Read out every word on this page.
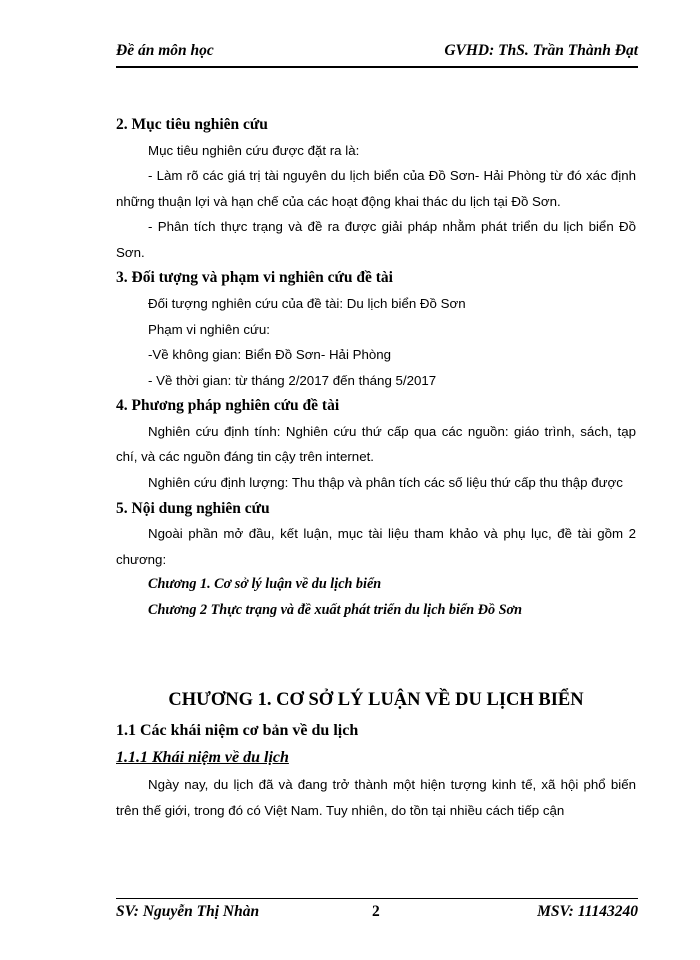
Đề án môn học	GVHD: ThS. Trần Thành Đạt

2. Mục tiêu nghiên cứu

Mục tiêu nghiên cứu được đặt ra là:

- Làm rõ các giá trị tài nguyên du lịch biển của Đồ Sơn- Hải Phòng từ đó xác định những thuận lợi và hạn chế của các hoạt động khai thác du lịch tại Đồ Sơn.

- Phân tích thực trạng và đề ra được giải pháp nhằm phát triển du lịch biển Đồ Sơn.

3. Đối tượng và phạm vi nghiên cứu đề tài

Đối tượng nghiên cứu của đề tài: Du lịch biển Đồ Sơn

Phạm vi nghiên cứu:

-Về không gian: Biển Đồ Sơn- Hải Phòng

- Về thời gian: từ tháng 2/2017 đến tháng 5/2017

4. Phương pháp nghiên cứu đề tài

Nghiên cứu định tính: Nghiên cứu thứ cấp qua các nguồn: giáo trình, sách, tạp chí, và các nguồn đáng tin cậy trên internet.

Nghiên cứu định lượng: Thu thập và phân tích các số liệu thứ cấp thu thập được

5. Nội dung nghiên cứu

Ngoài phần mở đầu, kết luận, mục tài liệu tham khảo và phụ lục, đề tài gồm 2 chương:

Chương 1. Cơ sở lý luận về du lịch biển

Chương 2 Thực trạng và đề xuất phát triển du lịch biển Đồ Sơn

CHƯƠNG 1. CƠ SỞ LÝ LUẬN VỀ DU LỊCH BIỂN
1.1 Các khái niệm cơ bản về du lịch
1.1.1 Khái niệm về du lịch

Ngày nay, du lịch đã và đang trở thành một hiện tượng kinh tế, xã hội phổ biến trên thế giới, trong đó có Việt Nam. Tuy nhiên, do tồn tại nhiều cách tiếp cận

SV: Nguyễn Thị Nhàn	2	MSV: 11143240
